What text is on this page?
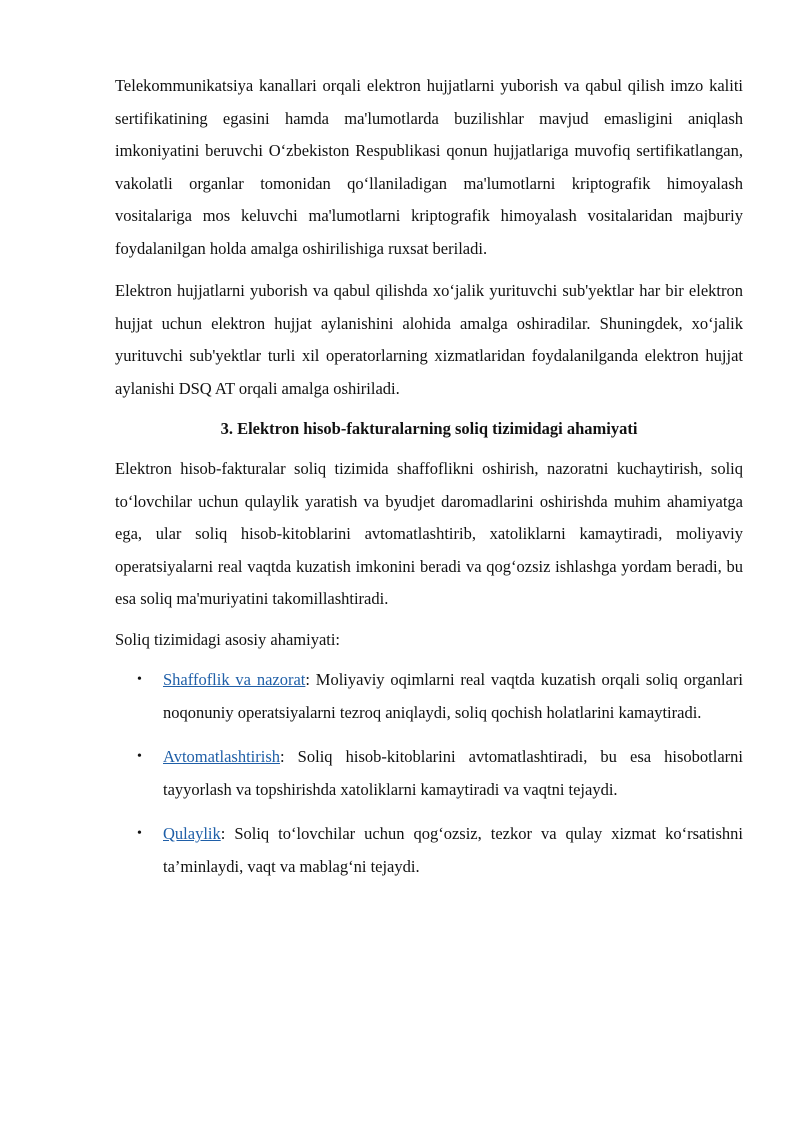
Telekommunikatsiya kanallari orqali elektron hujjatlarni yuborish va qabul qilish imzo kaliti sertifikatining egasini hamda ma'lumotlarda buzilishlar mavjud emasligini aniqlash imkoniyatini beruvchi O‘zbekiston Respublikasi qonun hujjatlariga muvofiq sertifikatlangan, vakolatli organlar tomonidan qo‘llaniladigan ma'lumotlarni kriptografik himoyalash vositalariga mos keluvchi ma'lumotlarni kriptografik himoyalash vositalaridan majburiy foydalanilgan holda amalga oshirilishiga ruxsat beriladi.

Elektron hujjatlarni yuborish va qabul qilishda xo‘jalik yurituvchi sub'yektlar har bir elektron hujjat uchun elektron hujjat aylanishini alohida amalga oshiradilar. Shuningdek, xo‘jalik yurituvchi sub'yektlar turli xil operatorlarning xizmatlaridan foydalanilganda elektron hujjat aylanishi DSQ AT orqali amalga oshiriladi.

3. Elektron hisob-fakturalarning soliq tizimidagi ahamiyati

Elektron hisob-fakturalar soliq tizimida shaffoflikni oshirish, nazoratni kuchaytirish, soliq to‘lovchilar uchun qulaylik yaratish va byudjet daromadlarini oshirishda muhim ahamiyatga ega, ular soliq hisob-kitoblarini avtomatlashtirib, xatoliklarni kamaytiradi, moliyaviy operatsiyalarni real vaqtda kuzatish imkonini beradi va qog‘ozsiz ishlashga yordam beradi, bu esa soliq ma'muriyatini takomillashtiradi.

Soliq tizimidagi asosiy ahamiyati:

• Shaffoflik va nazorat: Moliyaviy oqimlarni real vaqtda kuzatish orqali soliq organlari noqonuniy operatsiyalarni tezroq aniqlaydi, soliq qochish holatlarini kamaytiradi.
• Avtomatlashtirish: Soliq hisob-kitoblarini avtomatlashtiradi, bu esa hisobotlarni tayyorlash va topshirishda xatoliklarni kamaytiradi va vaqtni tejaydi.
• Qulaylik: Soliq to‘lovchilar uchun qog‘ozsiz, tezkor va qulay xizmat ko‘rsatishni ta’minlaydi, vaqt va mablag‘ni tejaydi.
